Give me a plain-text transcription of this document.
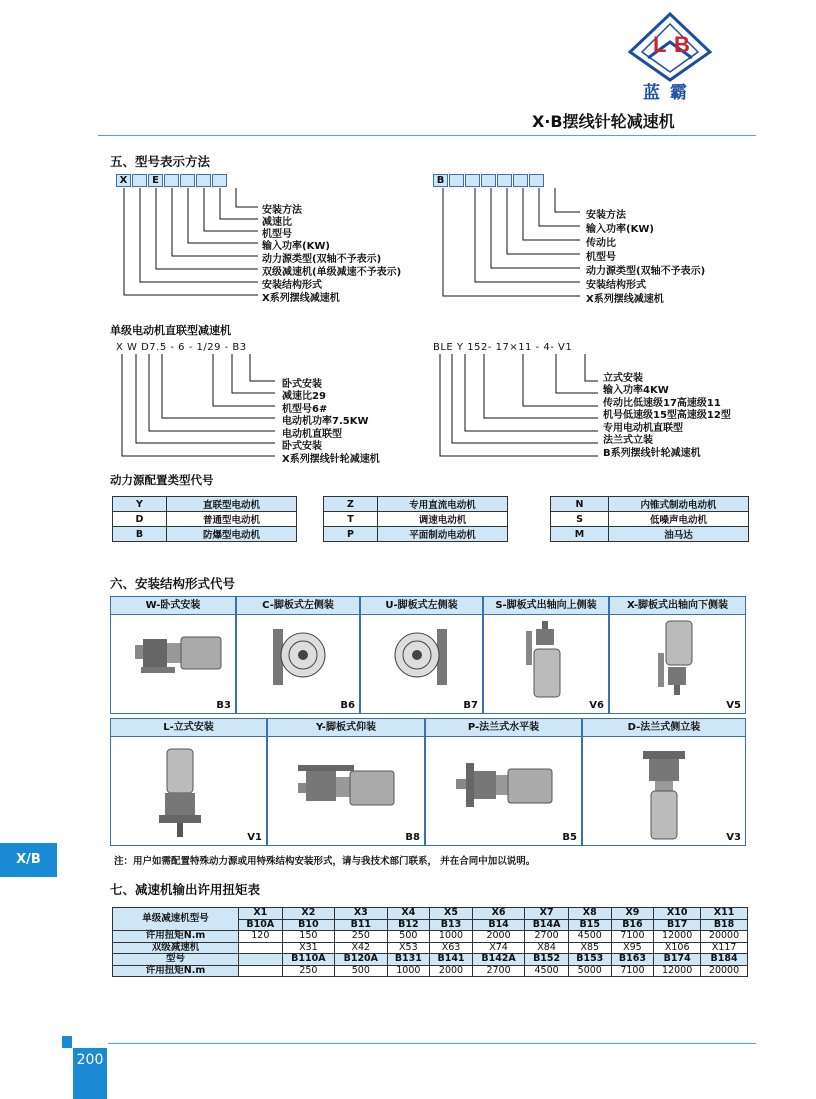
L B
蓝霸
X·B摆线针轮减速机
五、型号表示方法
X	E
安装方法
减速比
机型号
输入功率(KW)
动力源类型(双轴不予表示)
双级减速机(单级减速不予表示)
安装结构形式
X系列摆线减速机
B
安装方法
输入功率(KW)
传动比
机型号
动力源类型(双轴不予表示)
安装结构形式
X系列摆线减速机
单级电动机直联型减速机
X W D7.5 - 6 - 1/29 - B3
卧式安装
减速比29
机型号6#
电动机功率7.5KW
电动机直联型
卧式安装
X系列摆线针轮减速机
BLE Y 152- 17×11 - 4- V1
立式安装
输入功率4KW
传动比低速级17高速级11
机号低速级15型高速级12型
专用电动机直联型
法兰式立装
B系列摆线针轮减速机
动力源配置类型代号
Y	直联型电动机
D	普通型电动机
B	防爆型电动机
Z	专用直流电动机
T	调速电动机
P	平面制动电动机
N	内锥式制动电动机
S	低噪声电动机
M	油马达
六、安装结构形式代号
W-卧式安装
B3
C-脚板式左侧装
B6
U-脚板式左侧装
B7
S-脚板式出轴向上侧装
V6
X-脚板式出轴向下侧装
V5
L-立式安装
V1
Y-脚板式仰装
B8
P-法兰式水平装
B5
D-法兰式侧立装
V3
X/B	注：用户如需配置特殊动力源或用特殊结构安装形式，请与我技术部门联系， 并在合同中加以说明。
七、减速机输出许用扭矩表
单级减速机型号	X1	X2	X3	X4	X5	X6	X7	X8	X9	X10	X11
	B10A	B10	B11	B12	B13	B14	B14A	B15	B16	B17	B18
许用扭矩N.m	120	150	250	500	1000	2000	2700	4500	7100	12000	20000
双级减速机		X31	X42	X53	X63	X74	X84	X85	X95	X106	X117
型号		B110A	B120A	B131	B141	B142A	B152	B153	B163	B174	B184
许用扭矩N.m		250	500	1000	2000	2700	4500	5000	7100	12000	20000
200
